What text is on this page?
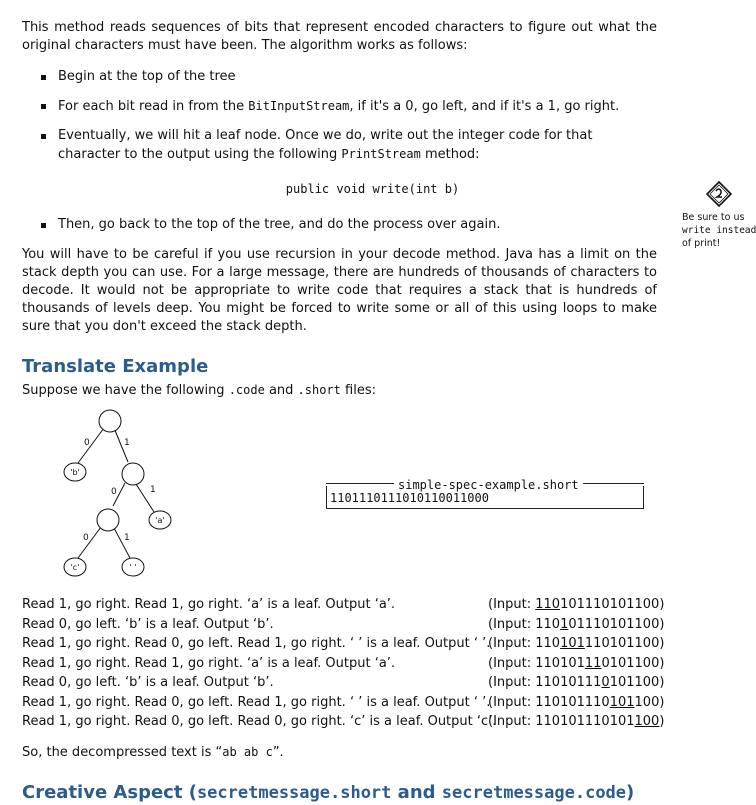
This method reads sequences of bits that represent encoded characters to figure out what the original characters must have been. The algorithm works as follows:

Begin at the top of the tree
For each bit read in from the BitInputStream, if it's a 0, go left, and if it's a 1, go right.
Eventually, we will hit a leaf node. Once we do, write out the integer code for that character to the output using the following PrintStream method:
public void write(int b)
Then, go back to the top of the tree, and do the process over again.	Be sure to us
write instead
of print!

You will have to be careful if you use recursion in your decode method. Java has a limit on the stack depth you can use. For a large message, there are hundreds of thousands of characters to decode. It would not be appropriate to write code that requires a stack that is hundreds of thousands of levels deep. You might be forced to write some or all of this using loops to make sure that you don't exceed the stack depth.

Translate Example
Suppose we have the following .code and .short files:
0	1
0	1
0	1
'b'
'a'
'c'	' '
simple-spec-example.short
1101110111010110011000
Read 1, go right. Read 1, go right. ‘a’ is a leaf. Output ‘a’.	(Input: 110101110101100)
Read 0, go left. ‘b’ is a leaf. Output ‘b’.	(Input: 110101110101100)
Read 1, go right. Read 0, go left. Read 1, go right. ‘ ’ is a leaf. Output ‘ ’.
(Input: 110101110101100)
Read 1, go right. Read 1, go right. ‘a’ is a leaf. Output ‘a’.	(Input: 110101110101100)
Read 0, go left. ‘b’ is a leaf. Output ‘b’.	(Input: 110101110101100)
Read 1, go right. Read 0, go left. Read 1, go right. ‘ ’ is a leaf. Output ‘ ’.
(Input: 110101110101100)
Read 1, go right. Read 0, go left. Read 0, go right. ‘c’ is a leaf. Output ‘c’.
(Input: 110101110101100)
So, the decompressed text is “ab ab c”.
Creative Aspect (secretmessage.short and secretmessage.code)
